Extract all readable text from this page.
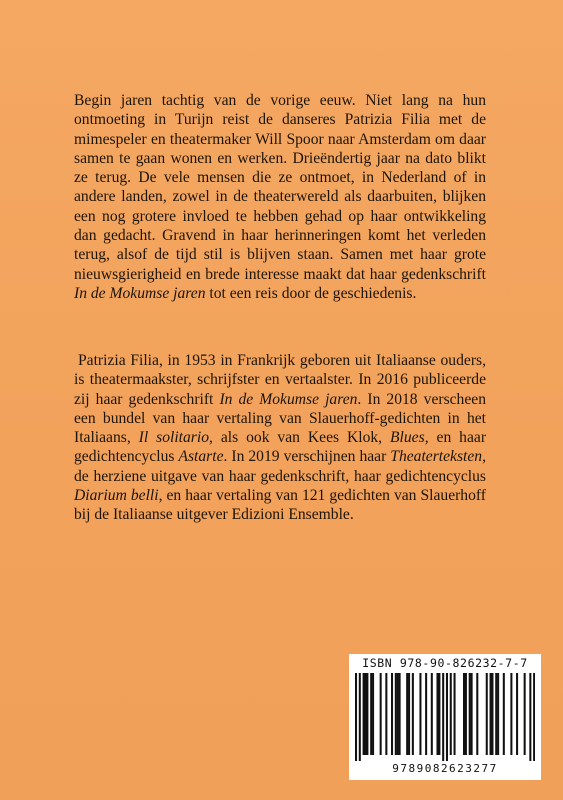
Begin jaren tachtig van de vorige eeuw. Niet lang na hun ontmoeting in Turijn reist de danseres Patrizia Filia met de mimespeler en theatermaker Will Spoor naar Amsterdam om daar samen te gaan wonen en werken. Drieëndertig jaar na dato blikt ze terug. De vele mensen die ze ontmoet, in Nederland of in andere landen, zowel in de theaterwereld als daarbuiten, blijken een nog grotere invloed te hebben gehad op haar ontwikkeling dan gedacht. Gravend in haar herinneringen komt het verleden terug, alsof de tijd stil is blijven staan. Samen met haar grote nieuwsgierigheid en brede interesse maakt dat haar gedenkschrift In de Mokumse jaren tot een reis door de geschiedenis.

Patrizia Filia, in 1953 in Frankrijk geboren uit Italiaanse ouders, is theatermaakster, schrijfster en vertaalster. In 2016 publiceerde zij haar gedenkschrift In de Mokumse jaren. In 2018 verscheen een bundel van haar vertaling van Slauerhoff-gedichten in het Italiaans, Il solitario, als ook van Kees Klok, Blues, en haar gedichtencyclus Astarte. In 2019 verschijnen haar Theaterteksten, de herziene uitgave van haar gedenkschrift, haar gedichtencyclus Diarium belli, en haar vertaling van 121 gedichten van Slauerhoff bij de Italiaanse uitgever Edizioni Ensemble.

ISBN 978-90-826232-7-7
9789082623277
